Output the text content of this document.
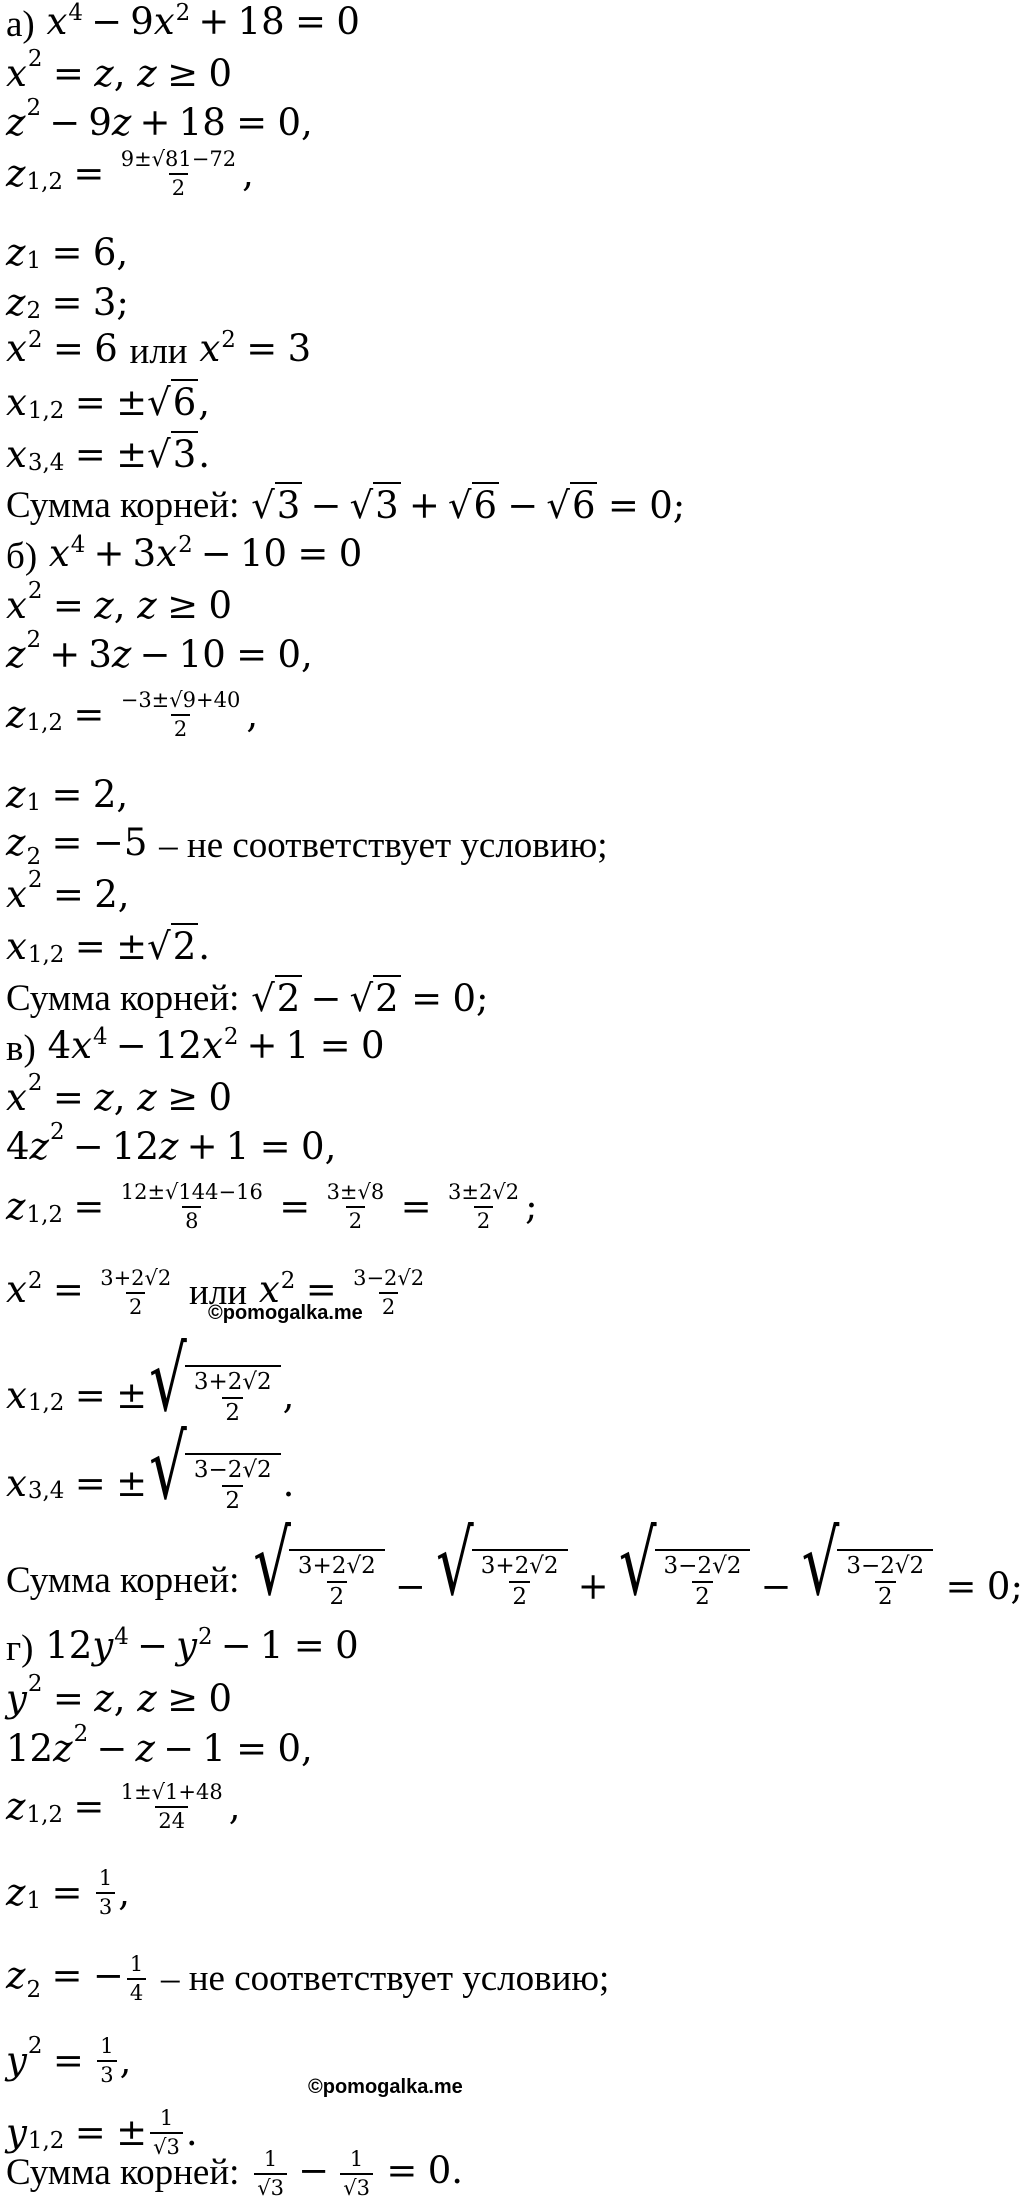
а)
$x^4 - 9x^2 + 18 = 0$
x 2 = z , z ≥ 0
z 2 − 9 z + 18 = 0,
z $1,2 = \frac{9\pm√81-72}{2}$ ,
z 1 = 6,
z 2 = 3;
$x^2 = 6$
или
$x^2 = 3$
x 1,2 = ± √6 ,
x 3,4 = ± √3 .
Сумма корней:
√3 − √3 + √6 − √6 = 0;
б)
$x^4 + 3x^2 - 10 = 0$
x 2 = z , z ≥ 0
z 2 + 3 z − 10 = 0,
z $1,2 = \frac{-3\pm√9+40}{2}$ ,
z 1 = 2,
$z_2 = -5$
– не соответствует условию;
x 2 = 2,
x 1,2 = ± √2 .
Сумма корней:
√2 − √2 = 0;
в)
$4x^4 - 12x^2 + 1 = 0$
x 2 = z , z ≥ 0
4 z 2 − 12 z + 1 = 0,
z $1,2 = \frac{12\pm√144-16}{8} = \frac{3\pm√8}{2} = \frac{3\pm 2√2}{2}$ ;
$x^2 = \frac{3+2√2}{2}$
или
$x^2 = \frac{3-2√2}{2}$
©pomogalka.me
x 1,2 = ± √ $\frac{3+2√2}{2}$ ,
x 3,4 = ± √ $\frac{3-2√2}{2}$ .
Сумма корней:
√ $\frac{3+2√2}{2}$ − √ $\frac{3+2√2}{2}$ + √ $\frac{3-2√2}{2}$ − √ $\frac{3-2√2}{2} = 0$;
г)
$12y^4 - y^2 - 1 = 0$
y 2 = z , z ≥ 0
12 z 2 − z − 1 = 0,
z $1,2 = \frac{1\pm√1+48}{24}$ ,
z $1 = \frac{1}{3}$ ,
$z_2$ = − $\frac{1}{4}$
– не соответствует условию;
y $2 = \frac{1}{3}$ ,
y 1,2 = ± $\frac{1}{√3}$ .
©pomogalka.me
Сумма корней:
$\frac{1}{√3} - \frac{1}{√3} = 0$.
